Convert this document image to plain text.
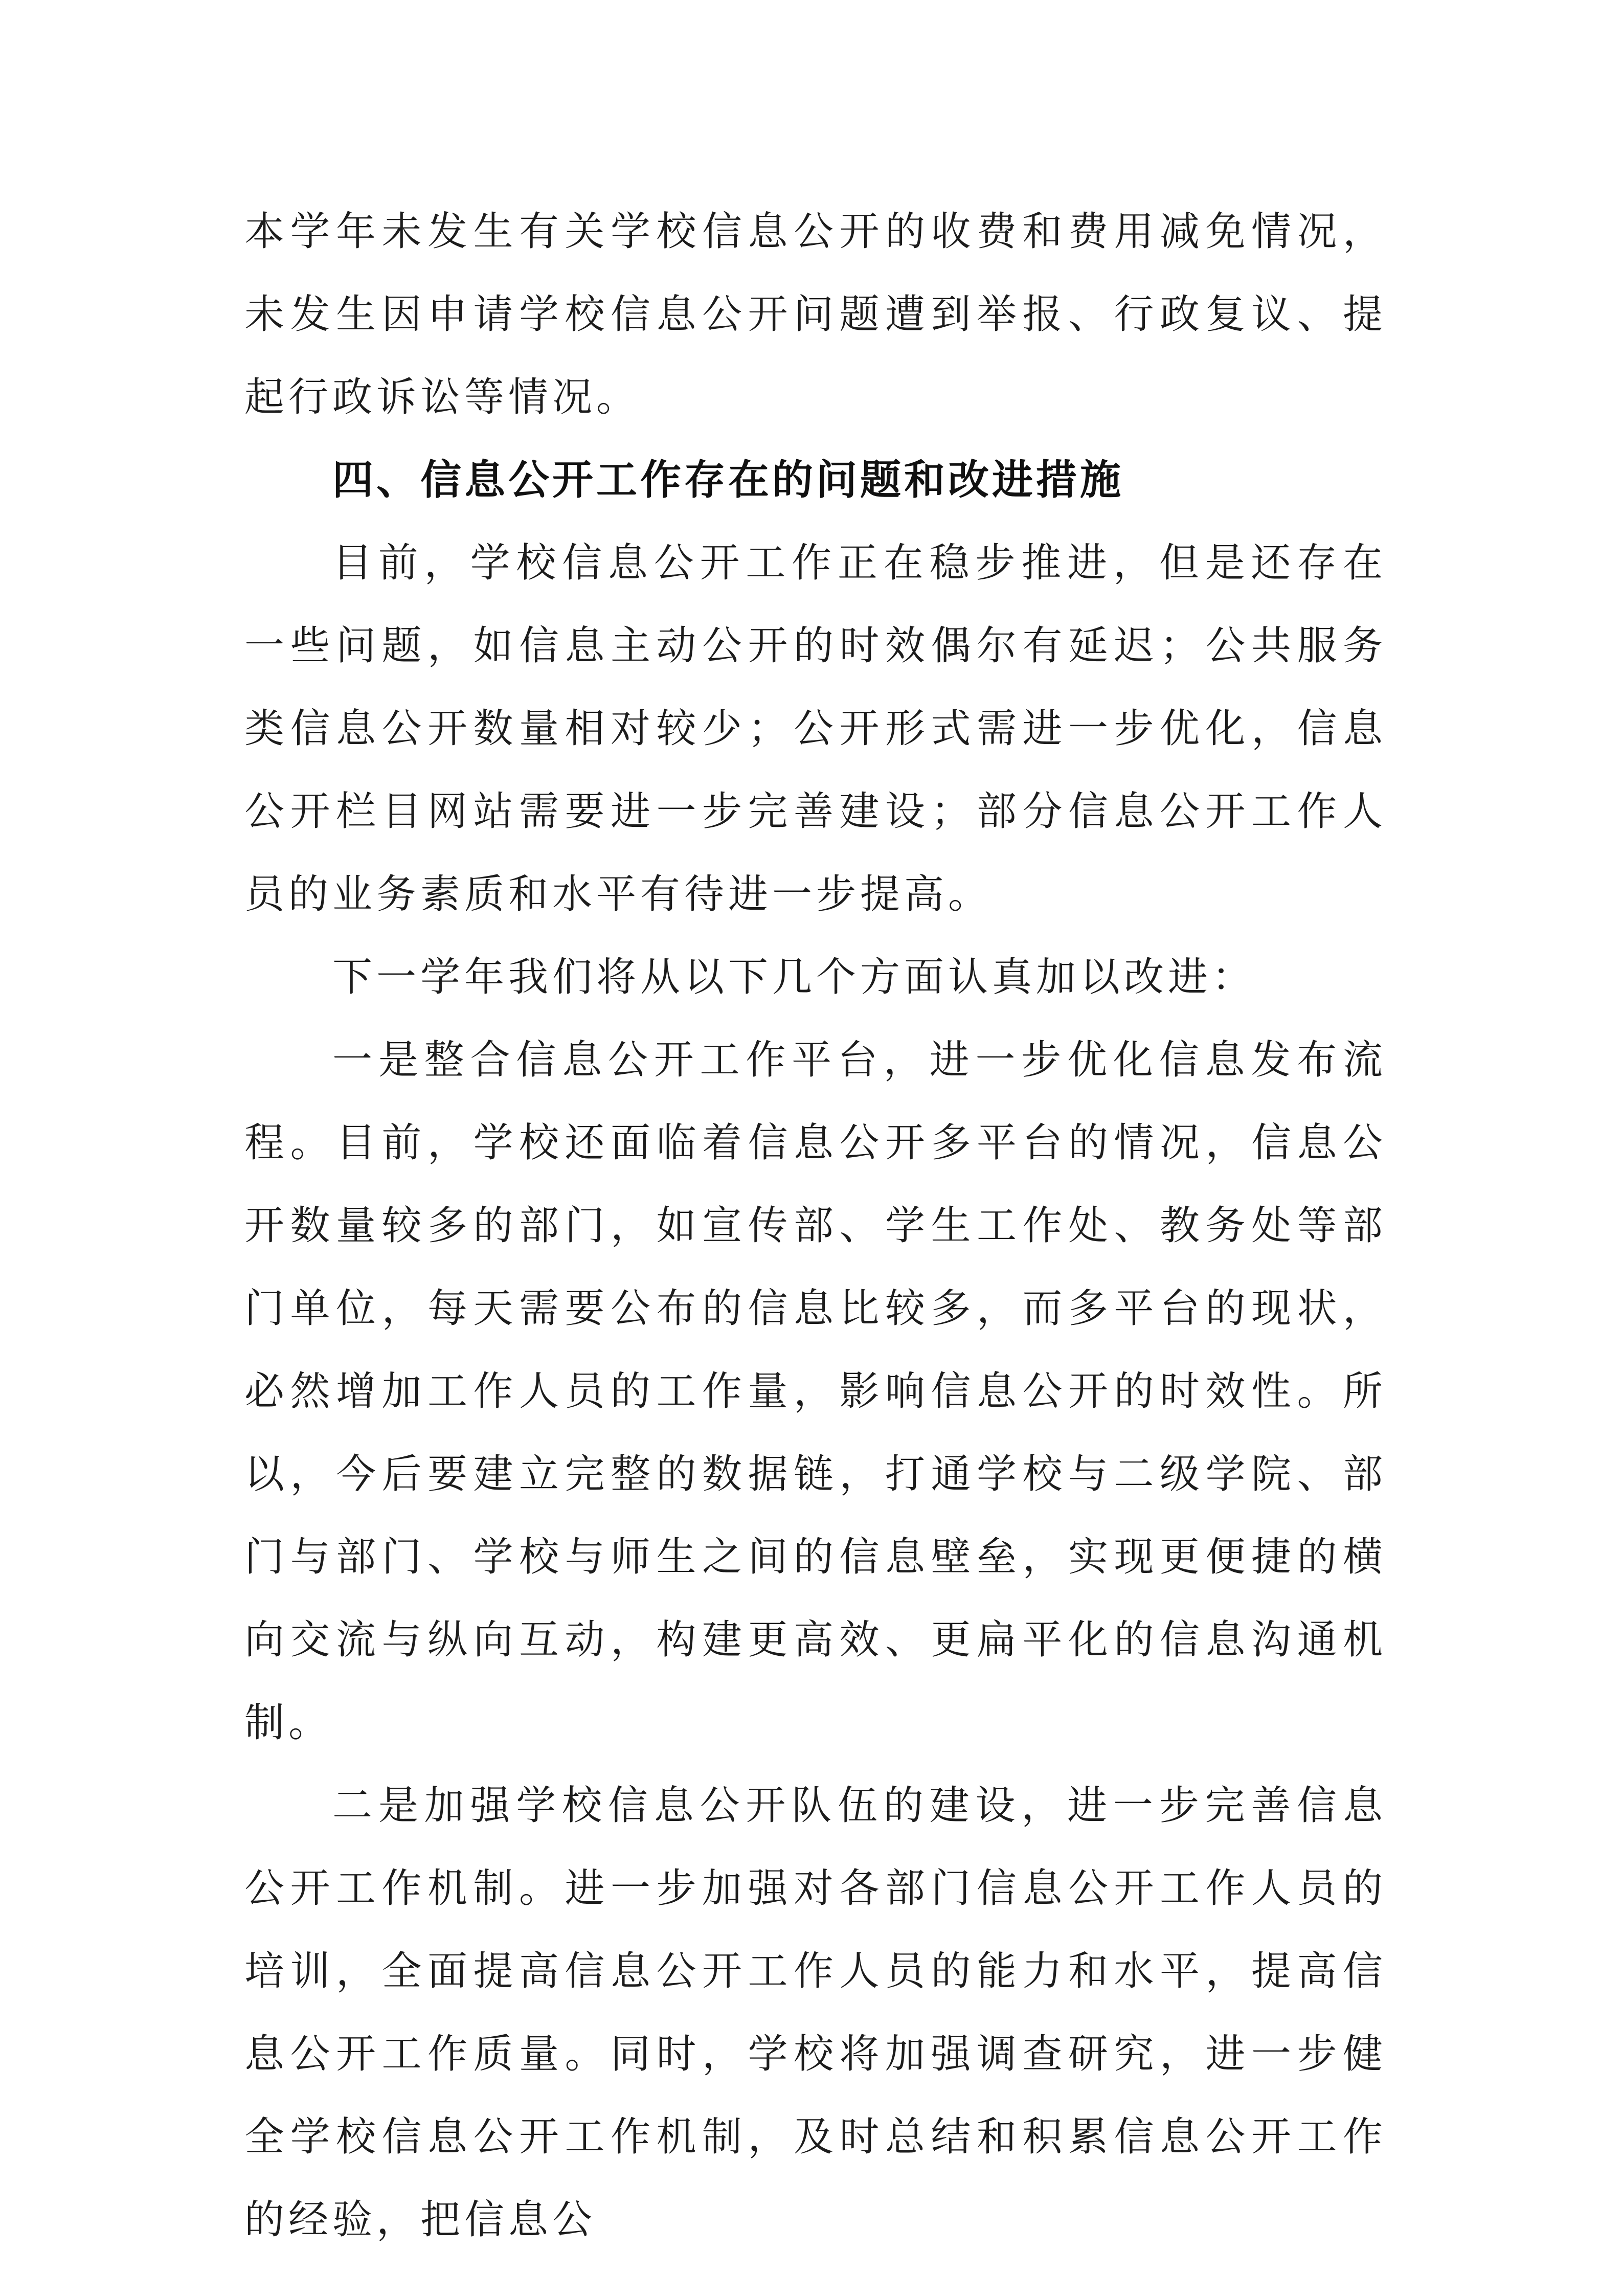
本学年未发生有关学校信息公开的收费和费用减免情况，未发生因申请学校信息公开问题遭到举报、行政复议、提起行政诉讼等情况。

四、信息公开工作存在的问题和改进措施

目前，学校信息公开工作正在稳步推进，但是还存在一些问题，如信息主动公开的时效偶尔有延迟；公共服务类信息公开数量相对较少；公开形式需进一步优化，信息公开栏目网站需要进一步完善建设；部分信息公开工作人员的业务素质和水平有待进一步提高。

下一学年我们将从以下几个方面认真加以改进：

一是整合信息公开工作平台，进一步优化信息发布流程。目前，学校还面临着信息公开多平台的情况，信息公开数量较多的部门，如宣传部、学生工作处、教务处等部门单位，每天需要公布的信息比较多，而多平台的现状，必然增加工作人员的工作量，影响信息公开的时效性。所以，今后要建立完整的数据链，打通学校与二级学院、部门与部门、学校与师生之间的信息壁垒，实现更便捷的横向交流与纵向互动，构建更高效、更扁平化的信息沟通机制。

二是加强学校信息公开队伍的建设，进一步完善信息公开工作机制。进一步加强对各部门信息公开工作人员的培训，全面提高信息公开工作人员的能力和水平，提高信息公开工作质量。同时，学校将加强调查研究，进一步健全学校信息公开工作机制，及时总结和积累信息公开工作的经验，把信息公
